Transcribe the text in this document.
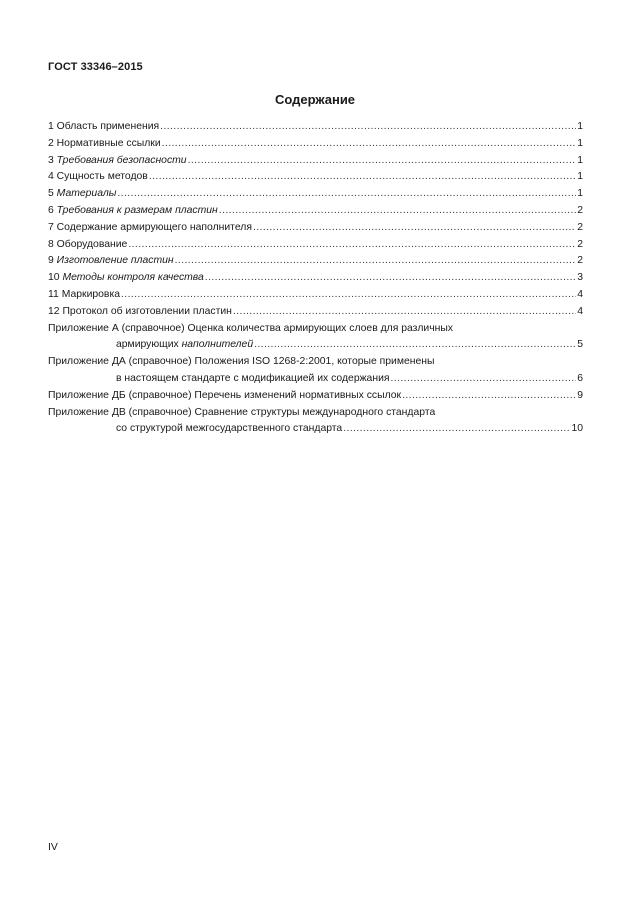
ГОСТ 33346–2015
Содержание
1 Область применения .....	1
2 Нормативные ссылки .....	1
3 Требования безопасности .....	1
4 Сущность методов .....	1
5 Материалы .....	1
6 Требования к размерам пластин .....	2
7 Содержание армирующего наполнителя .....	2
8 Оборудование .....	2
9 Изготовление пластин .....	2
10 Методы контроля качества .....	3
11 Маркировка .....	4
12 Протокол об изготовлении пластин .....	4
Приложение А (справочное) Оценка количества армирующих слоев для различных
армирующих наполнителей .....	5
Приложение ДА (справочное) Положения ISO 1268-2:2001, которые применены
в настоящем стандарте с модификацией их содержания .....	6
Приложение ДБ (справочное) Перечень изменений нормативных ссылок .....	9
Приложение ДВ (справочное) Сравнение структуры международного стандарта
со структурой межгосударственного стандарта .....	10
IV
